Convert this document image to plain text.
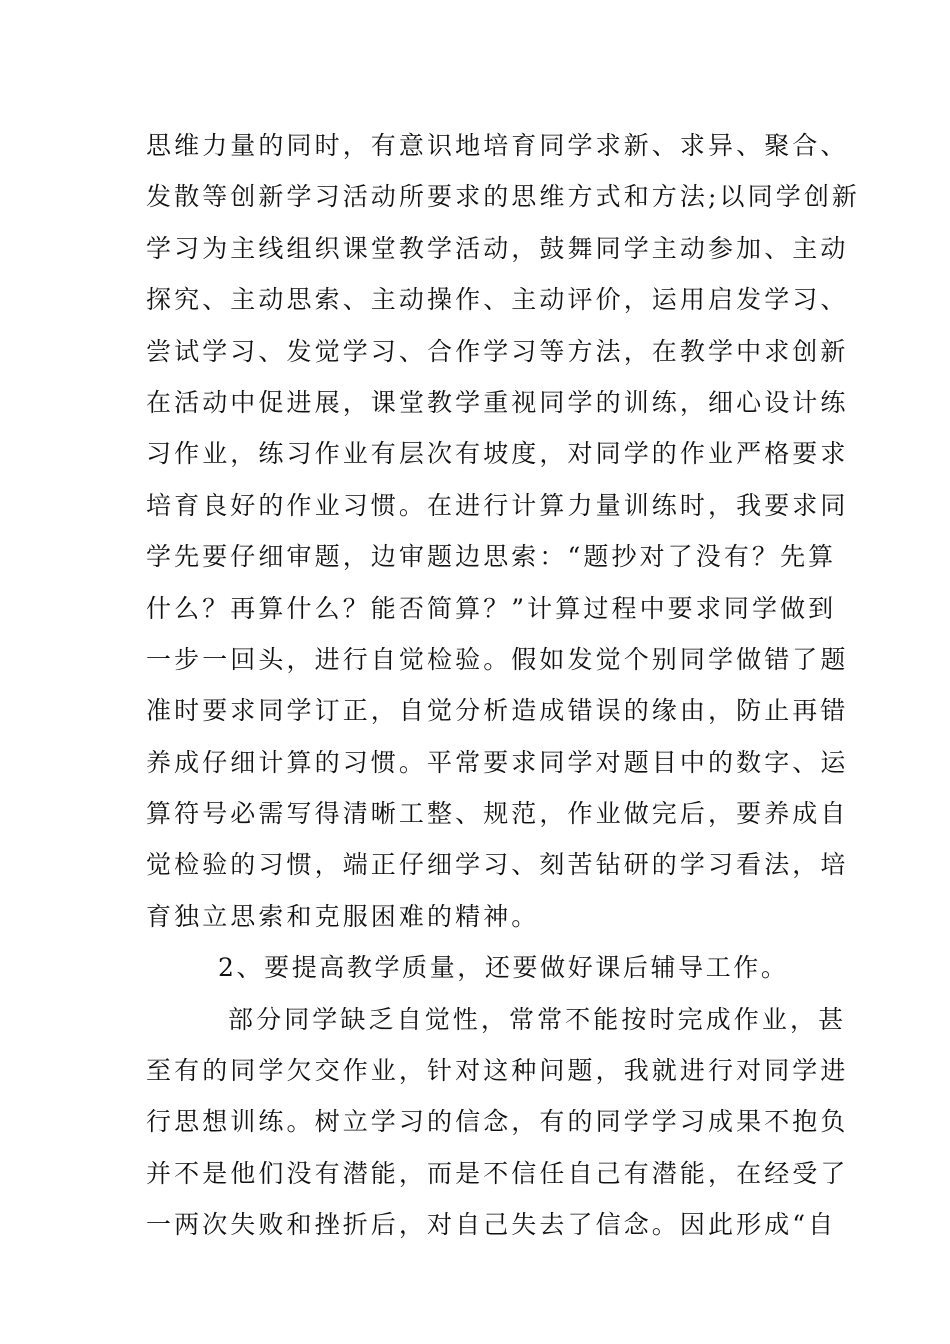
思维力量的同时，有意识地培育同学求新、求异、聚合、
发散等创新学习活动所要求的思维方式和方法;以同学创新
学习为主线组织课堂教学活动，鼓舞同学主动参加、主动
探究、主动思索、主动操作、主动评价，运用启发学习、
尝试学习、发觉学习、合作学习等方法，在教学中求创新
在活动中促进展，课堂教学重视同学的训练，细心设计练
习作业，练习作业有层次有坡度，对同学的作业严格要求
培育良好的作业习惯。在进行计算力量训练时，我要求同
学先要仔细审题，边审题边思索：“题抄对了没有？先算
什么？再算什么？能否简算？”计算过程中要求同学做到
一步一回头，进行自觉检验。假如发觉个别同学做错了题
准时要求同学订正，自觉分析造成错误的缘由，防止再错
养成仔细计算的习惯。平常要求同学对题目中的数字、运
算符号必需写得清晰工整、规范，作业做完后，要养成自
觉检验的习惯，端正仔细学习、刻苦钻研的学习看法，培
育独立思索和克服困难的精神。
2、要提高教学质量，还要做好课后辅导工作。
部分同学缺乏自觉性，常常不能按时完成作业，甚
至有的同学欠交作业，针对这种问题，我就进行对同学进
行思想训练。树立学习的信念，有的同学学习成果不抱负
并不是他们没有潜能，而是不信任自己有潜能，在经受了
一两次失败和挫折后，对自己失去了信念。因此形成“自
